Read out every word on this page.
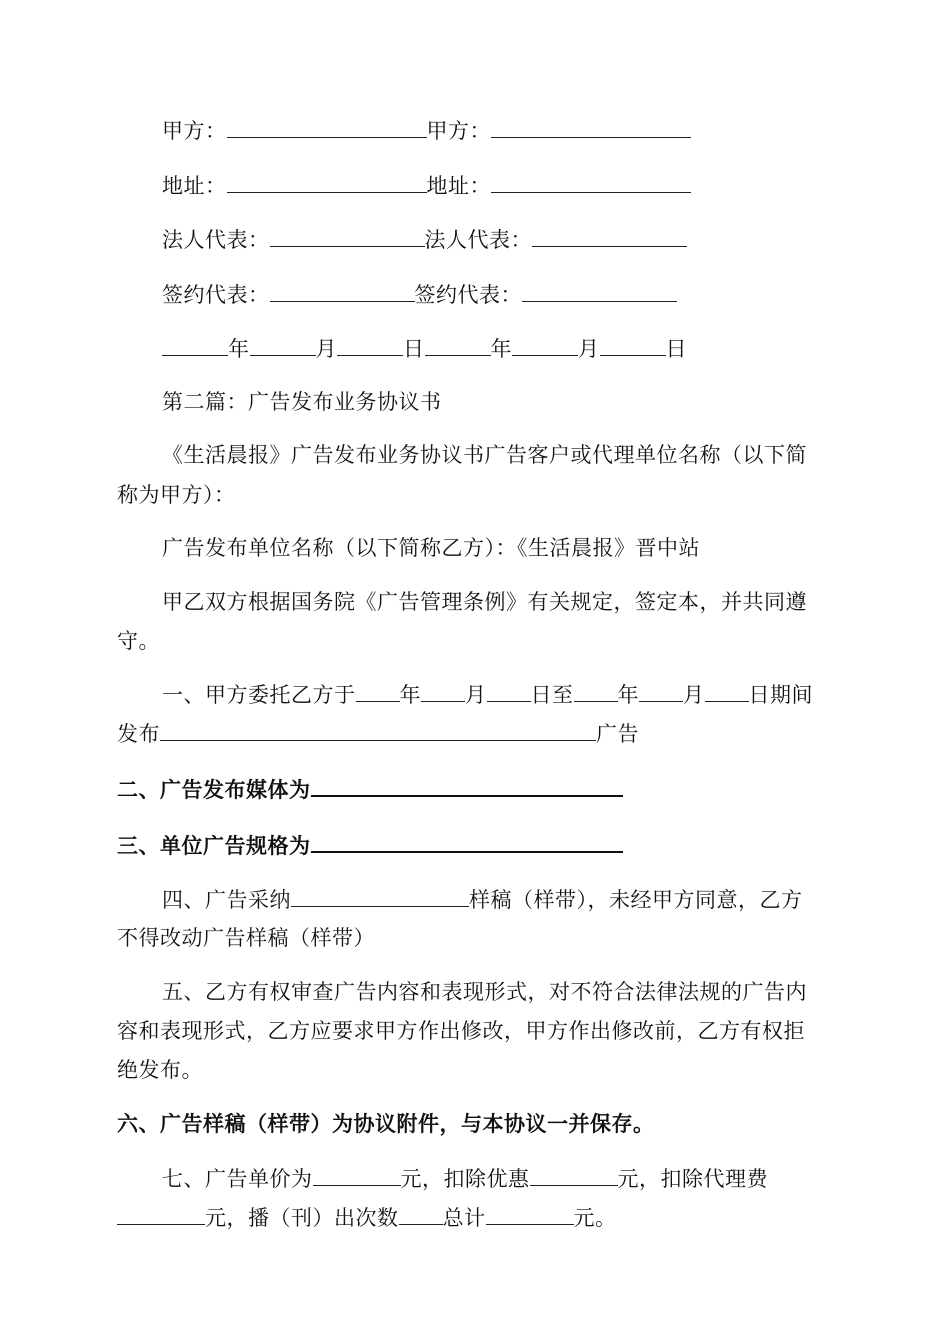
甲方：	甲方：
地址：	地址：
法人代表：	法人代表：
签约代表：	签约代表：
年	月	日	年	月	日
第二篇：广告发布业务协议书
《生活晨报》广告发布业务协议书广告客户或代理单位名称（以下简
称为甲方）：
广告发布单位名称（以下简称乙方）：《生活晨报》晋中站
甲乙双方根据国务院《广告管理条例》有关规定，签定本，并共同遵
守。
一、甲方委托乙方于 年 月 日至 年 月 日期间
发布	广告
二、广告发布媒体为
三、单位广告规格为
四、广告采纳	样稿（样带），未经甲方同意，乙方
不得改动广告样稿（样带）
五、乙方有权审查广告内容和表现形式，对不符合法律法规的广告内
容和表现形式，乙方应要求甲方作出修改，甲方作出修改前，乙方有权拒
绝发布。
六、广告样稿（样带）为协议附件，与本协议一并保存。
七、广告单价为	元，扣除优惠	元，扣除代理费
元，播（刊）出次数 总计	元。
